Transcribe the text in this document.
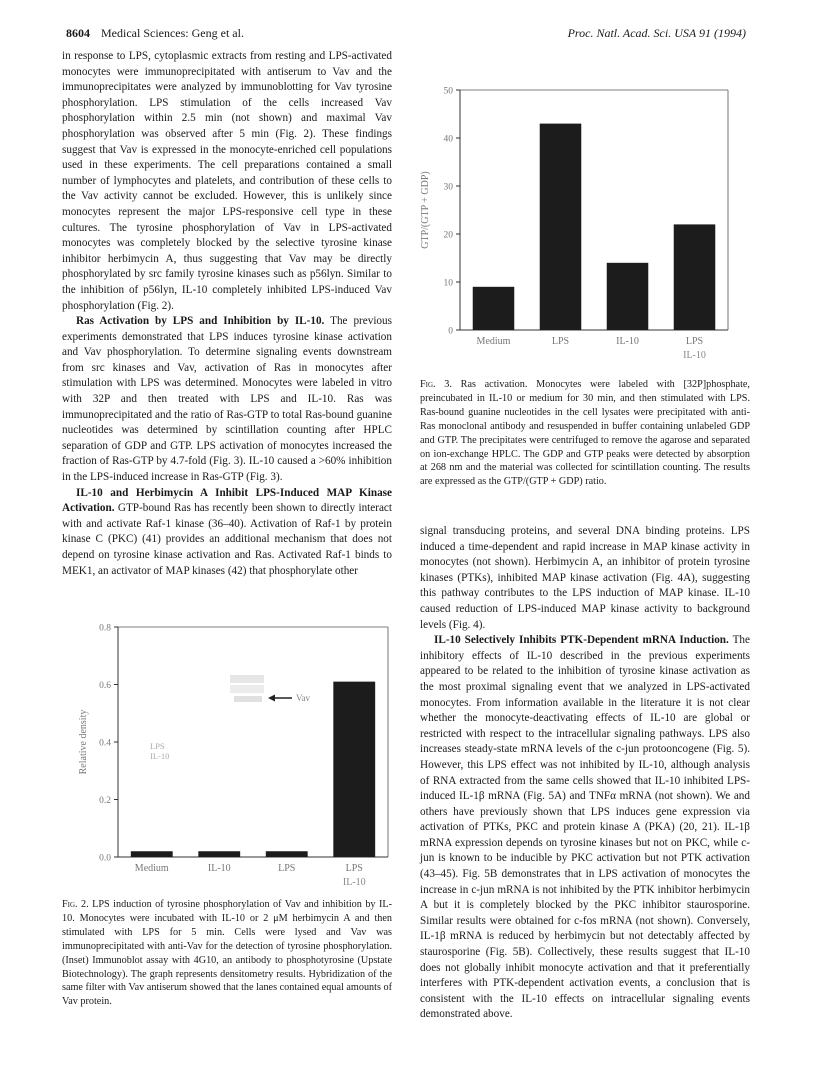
8604 Medical Sciences: Geng et al.	Proc. Natl. Acad. Sci. USA 91 (1994)

in response to LPS, cytoplasmic extracts from resting and LPS-activated monocytes were immunoprecipitated with antiserum to Vav and the immunoprecipitates were analyzed by immunoblotting for Vav tyrosine phosphorylation. LPS stimulation of the cells increased Vav phosphorylation within 2.5 min (not shown) and maximal Vav phosphorylation was observed after 5 min (Fig. 2). These findings suggest that Vav is expressed in the monocyte-enriched cell populations used in these experiments. The cell preparations contained a small number of lymphocytes and platelets, and contribution of these cells to the Vav activity cannot be excluded. However, this is unlikely since monocytes represent the major LPS-responsive cell type in these cultures. The tyrosine phosphorylation of Vav in LPS-activated monocytes was completely blocked by the selective tyrosine kinase inhibitor herbimycin A, thus suggesting that Vav may be directly phosphorylated by src family tyrosine kinases such as p56lyn. Similar to the inhibition of p56lyn, IL-10 completely inhibited LPS-induced Vav phosphorylation (Fig. 2).

Ras Activation by LPS and Inhibition by IL-10. The previous experiments demonstrated that LPS induces tyrosine kinase activation and Vav phosphorylation. To determine signaling events downstream from src kinases and Vav, activation of Ras in monocytes after stimulation with LPS was determined. Monocytes were labeled in vitro with 32P and then treated with LPS and IL-10. Ras was immunoprecipitated and the ratio of Ras-GTP to total Ras-bound guanine nucleotides was determined by scintillation counting after HPLC separation of GDP and GTP. LPS activation of monocytes increased the fraction of Ras-GTP by 4.7-fold (Fig. 3). IL-10 caused a >60% inhibition in the LPS-induced increase in Ras-GTP (Fig. 3).

IL-10 and Herbimycin A Inhibit LPS-Induced MAP Kinase Activation. GTP-bound Ras has recently been shown to directly interact with and activate Raf-1 kinase (36–40). Activation of Raf-1 by protein kinase C (PKC) (41) provides an additional mechanism that does not depend on tyrosine kinase activation and Ras. Activated Raf-1 binds to MEK1, an activator of MAP kinases (42) that phosphorylate other

0
10
20
30
40
50
GTP/(GTP + GDP)
Medium	LPS	IL-10	LPS
IL-10
Fig. 3. Ras activation. Monocytes were labeled with [32P]phosphate, preincubated in IL-10 or medium for 30 min, and then stimulated with LPS. Ras-bound guanine nucleotides in the cell lysates were precipitated with anti-Ras monoclonal antibody and resuspended in buffer containing unlabeled GDP and GTP. The precipitates were centrifuged to remove the agarose and separated on ion-exchange HPLC. The GDP and GTP peaks were detected by absorption at 268 nm and the material was collected for scintillation counting. The results are expressed as the GTP/(GTP + GDP) ratio.
0.0
0.2
0.4
0.6
0.8
Relative density
Medium	IL-10	LPS	LPS
IL-10
Vav
LPS
IL-10
Fig. 2. LPS induction of tyrosine phosphorylation of Vav and inhibition by IL-10. Monocytes were incubated with IL-10 or 2 μM herbimycin A and then stimulated with LPS for 5 min. Cells were lysed and Vav was immunoprecipitated with anti-Vav for the detection of tyrosine phosphorylation. (Inset) Immunoblot assay with 4G10, an antibody to phosphotyrosine (Upstate Biotechnology). The graph represents densitometry results. Hybridization of the same filter with Vav antiserum showed that the lanes contained equal amounts of Vav protein.

signal transducing proteins, and several DNA binding proteins. LPS induced a time-dependent and rapid increase in MAP kinase activity in monocytes (not shown). Herbimycin A, an inhibitor of protein tyrosine kinases (PTKs), inhibited MAP kinase activation (Fig. 4A), suggesting this pathway contributes to the LPS induction of MAP kinase. IL-10 caused reduction of LPS-induced MAP kinase activity to background levels (Fig. 4).

IL-10 Selectively Inhibits PTK-Dependent mRNA Induction. The inhibitory effects of IL-10 described in the previous experiments appeared to be related to the inhibition of tyrosine kinase activation as the most proximal signaling event that we analyzed in LPS-activated monocytes. From information available in the literature it is not clear whether the monocyte-deactivating effects of IL-10 are global or restricted with respect to the intracellular signaling pathways. LPS also increases steady-state mRNA levels of the c-jun protooncogene (Fig. 5). However, this LPS effect was not inhibited by IL-10, although analysis of RNA extracted from the same cells showed that IL-10 inhibited LPS-induced IL-1β mRNA (Fig. 5A) and TNFα mRNA (not shown). We and others have previously shown that LPS induces gene expression via activation of PTKs, PKC and protein kinase A (PKA) (20, 21). IL-1β mRNA expression depends on tyrosine kinases but not on PKC, while c-jun is known to be inducible by PKC activation but not PTK activation (43–45). Fig. 5B demonstrates that in LPS activation of monocytes the increase in c-jun mRNA is not inhibited by the PTK inhibitor herbimycin A but it is completely blocked by the PKC inhibitor staurosporine. Similar results were obtained for c-fos mRNA (not shown). Conversely, IL-1β mRNA is reduced by herbimycin but not detectably affected by staurosporine (Fig. 5B). Collectively, these results suggest that IL-10 does not globally inhibit monocyte activation and that it preferentially interferes with PTK-dependent activation events, a conclusion that is consistent with the IL-10 effects on intracellular signaling events demonstrated above.
